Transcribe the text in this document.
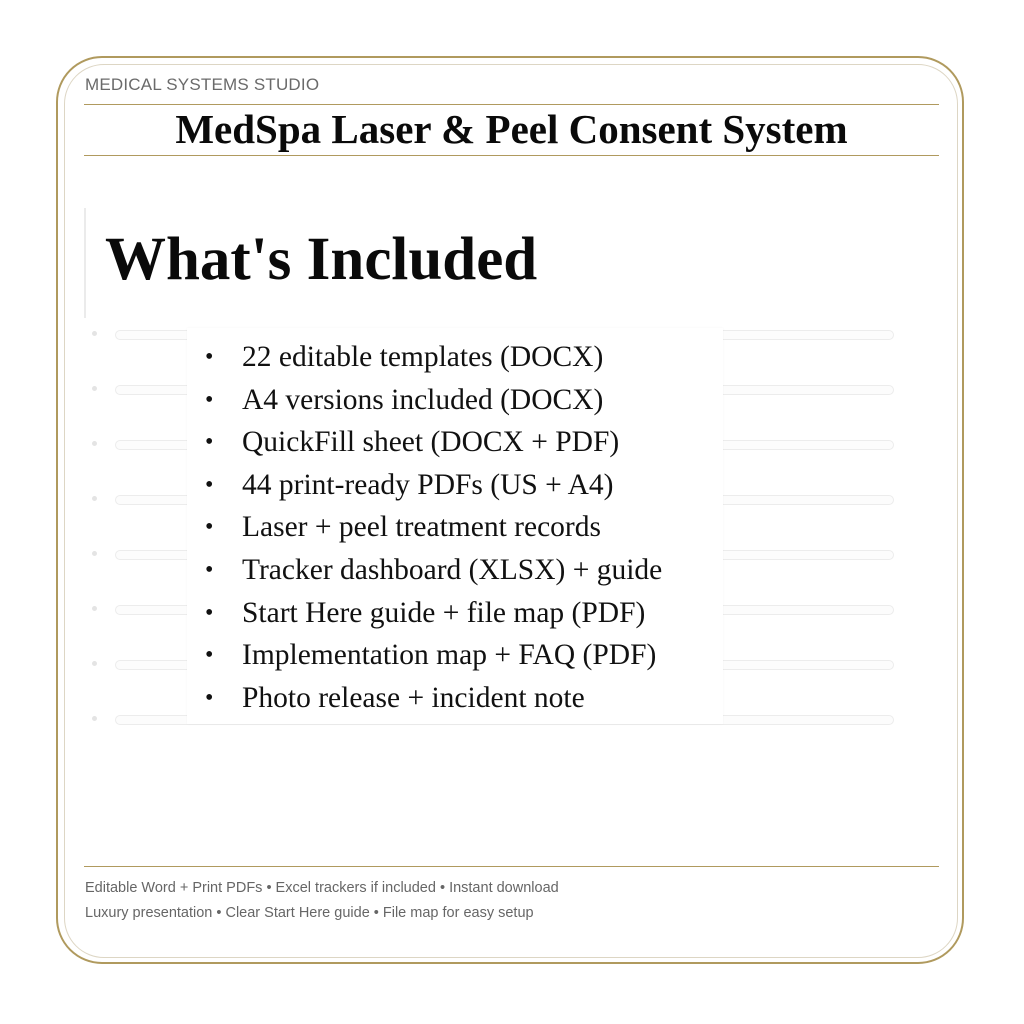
MEDICAL SYSTEMS STUDIO
MedSpa Laser & Peel Consent System
What's Included
• 22 editable templates (DOCX)
• A4 versions included (DOCX)
• QuickFill sheet (DOCX + PDF)
• 44 print-ready PDFs (US + A4)
• Laser + peel treatment records
• Tracker dashboard (XLSX) + guide
• Start Here guide + file map (PDF)
• Implementation map + FAQ (PDF)
• Photo release + incident note
Editable Word + Print PDFs • Excel trackers if included • Instant download
Luxury presentation • Clear Start Here guide • File map for easy setup
